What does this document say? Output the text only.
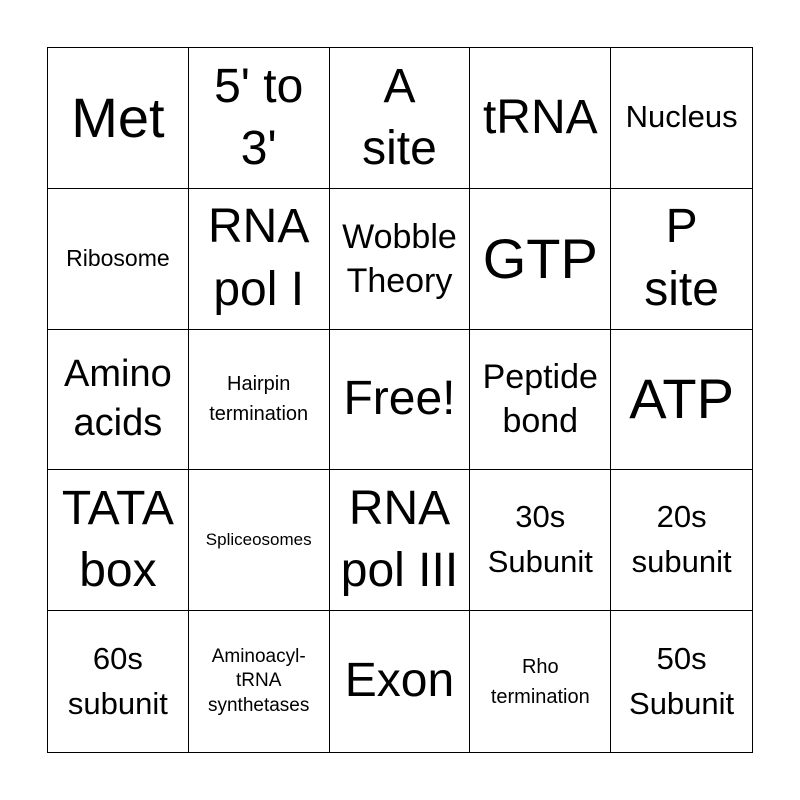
Met 5' to 3'
A site
tRNA Nucleus
Ribosome
RNA pol I
Wobble Theory GTP	P site
Amino acids
Hairpin termination Free! Peptide bond ATP
TATA box
Spliceosomes
RNA pol III
30s Subunit
20s subunit
60s subunit
Aminoacyl-tRNA synthetases Exon	Rho termination
50s Subunit
